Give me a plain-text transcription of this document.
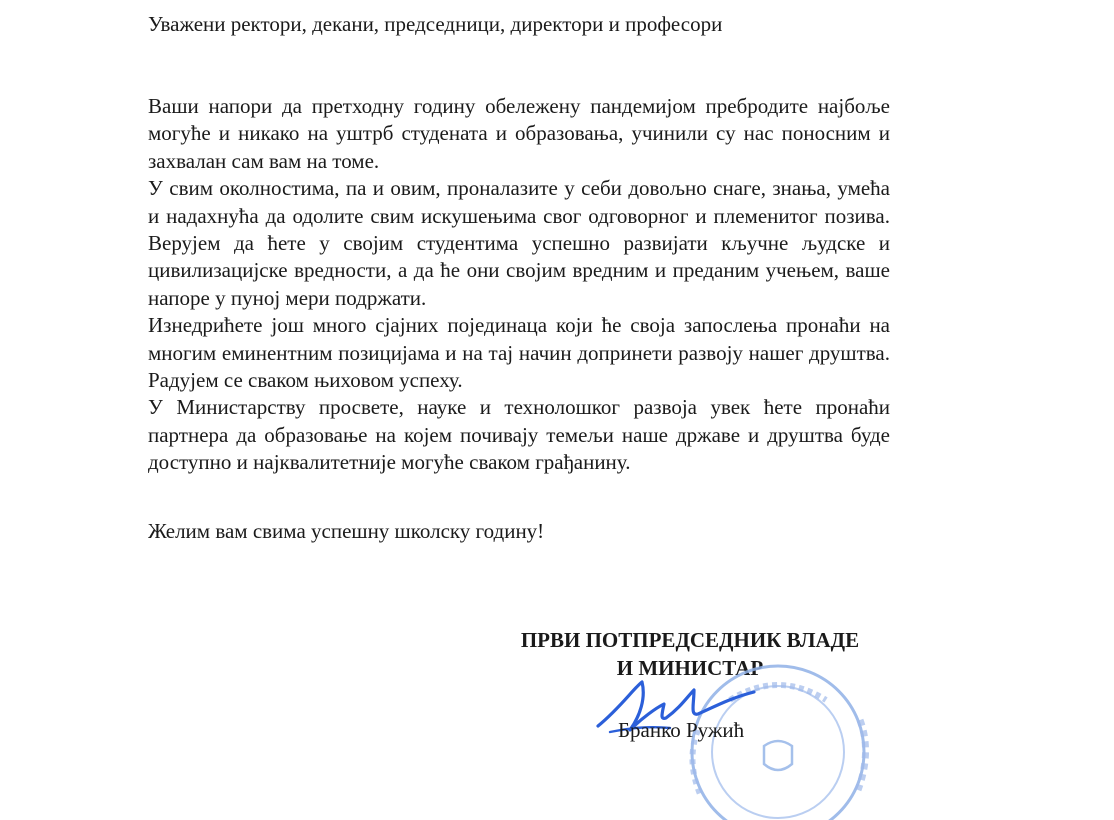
Уважени ректори, декани, председници, директори и професори

Ваши напори да претходну годину обележену пандемијом пребродите најбоље могуће и никако на уштрб студената и образовања, учинили су нас поносним и захвалан сам вам на томе.

У свим околностима, па и овим, проналазите у себи довољно снаге, знања, умећа и надахнућа да одолите свим искушењима свог одговорног и племенитог позива. Верујем да ћете у својим студентима успешно развијати кључне људске и цивилизацијске вредности, а да ће они својим вредним и преданим учењем, ваше напоре у пуној мери подржати.

Изнедрићете још много сјајних појединаца који ће своја запослења пронаћи на многим еминентним позицијама и на тај начин допринети развоју нашег друштва. Радујем се сваком њиховом успеху.

У Министарству просвете, науке и технолошког развоја увек ћете пронаћи партнера да образовање на којем почивају темељи наше државе и друштва буде доступно и најквалитетније могуће сваком грађанину.

Желим вам свима успешну школску годину!

ПРВИ ПОТПРЕДСЕДНИК ВЛАДЕ

И МИНИСТАР

Бранко Ружић
